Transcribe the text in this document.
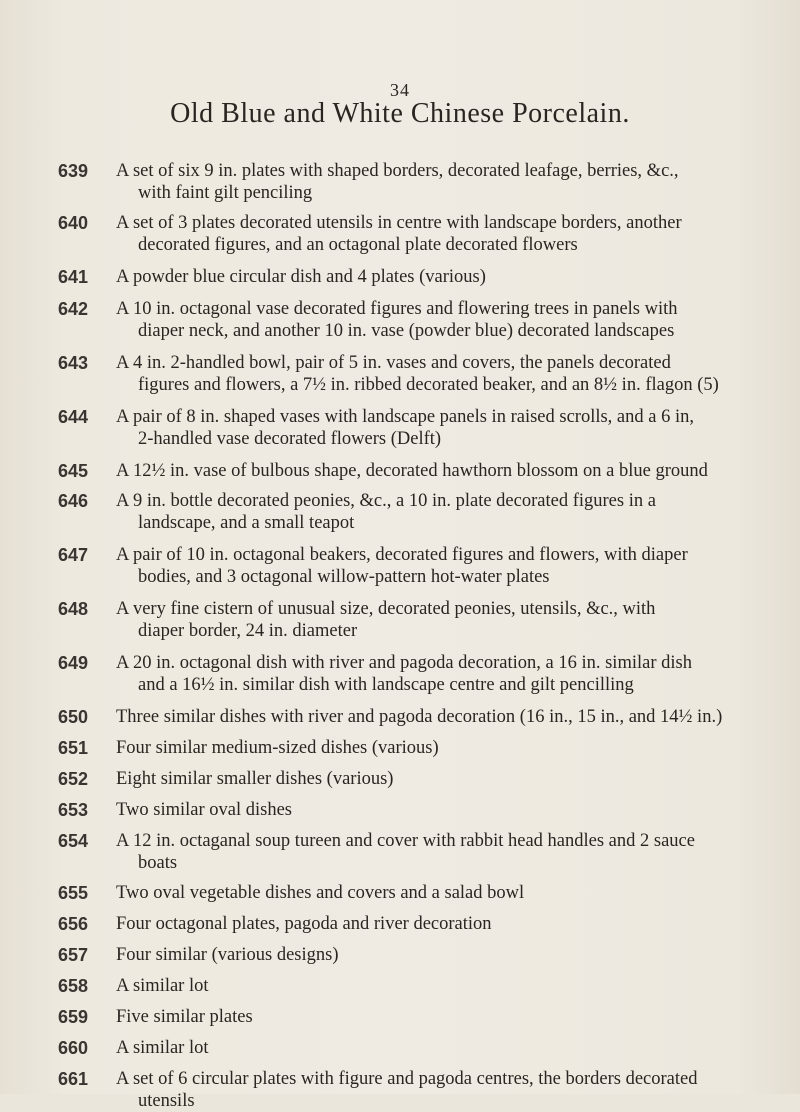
34
Old Blue and White Chinese Porcelain.
639	A set of six 9 in. plates with shaped borders, decorated leafage, berries, &c.,
with faint gilt penciling
640	A set of 3 plates decorated utensils in centre with landscape borders, another
decorated figures, and an octagonal plate decorated flowers
641	A powder blue circular dish and 4 plates (various)
642	A 10 in. octagonal vase decorated figures and flowering trees in panels with
diaper neck, and another 10 in. vase (powder blue) decorated landscapes
643	A 4 in. 2-handled bowl, pair of 5 in. vases and covers, the panels decorated
figures and flowers, a 7½ in. ribbed decorated beaker, and an 8½ in. flagon (5)
644	A pair of 8 in. shaped vases with landscape panels in raised scrolls, and a 6 in,
2-handled vase decorated flowers (Delft)
645	A 12½ in. vase of bulbous shape, decorated hawthorn blossom on a blue ground
646	A 9 in. bottle decorated peonies, &c., a 10 in. plate decorated figures in a
landscape, and a small teapot
647	A pair of 10 in. octagonal beakers, decorated figures and flowers, with diaper
bodies, and 3 octagonal willow-pattern hot-water plates
648	A very fine cistern of unusual size, decorated peonies, utensils, &c., with
diaper border, 24 in. diameter
649	A 20 in. octagonal dish with river and pagoda decoration, a 16 in. similar dish
and a 16½ in. similar dish with landscape centre and gilt pencilling
650	Three similar dishes with river and pagoda decoration (16 in., 15 in., and 14½ in.)
651	Four similar medium-sized dishes (various)
652	Eight similar smaller dishes (various)
653	Two similar oval dishes
654	A 12 in. octaganal soup tureen and cover with rabbit head handles and 2 sauce
boats
655	Two oval vegetable dishes and covers and a salad bowl
656	Four octagonal plates, pagoda and river decoration
657	Four similar (various designs)
658	A similar lot
659	Five similar plates
660	A similar lot
661	A set of 6 circular plates with figure and pagoda centres, the borders decorated
utensils
